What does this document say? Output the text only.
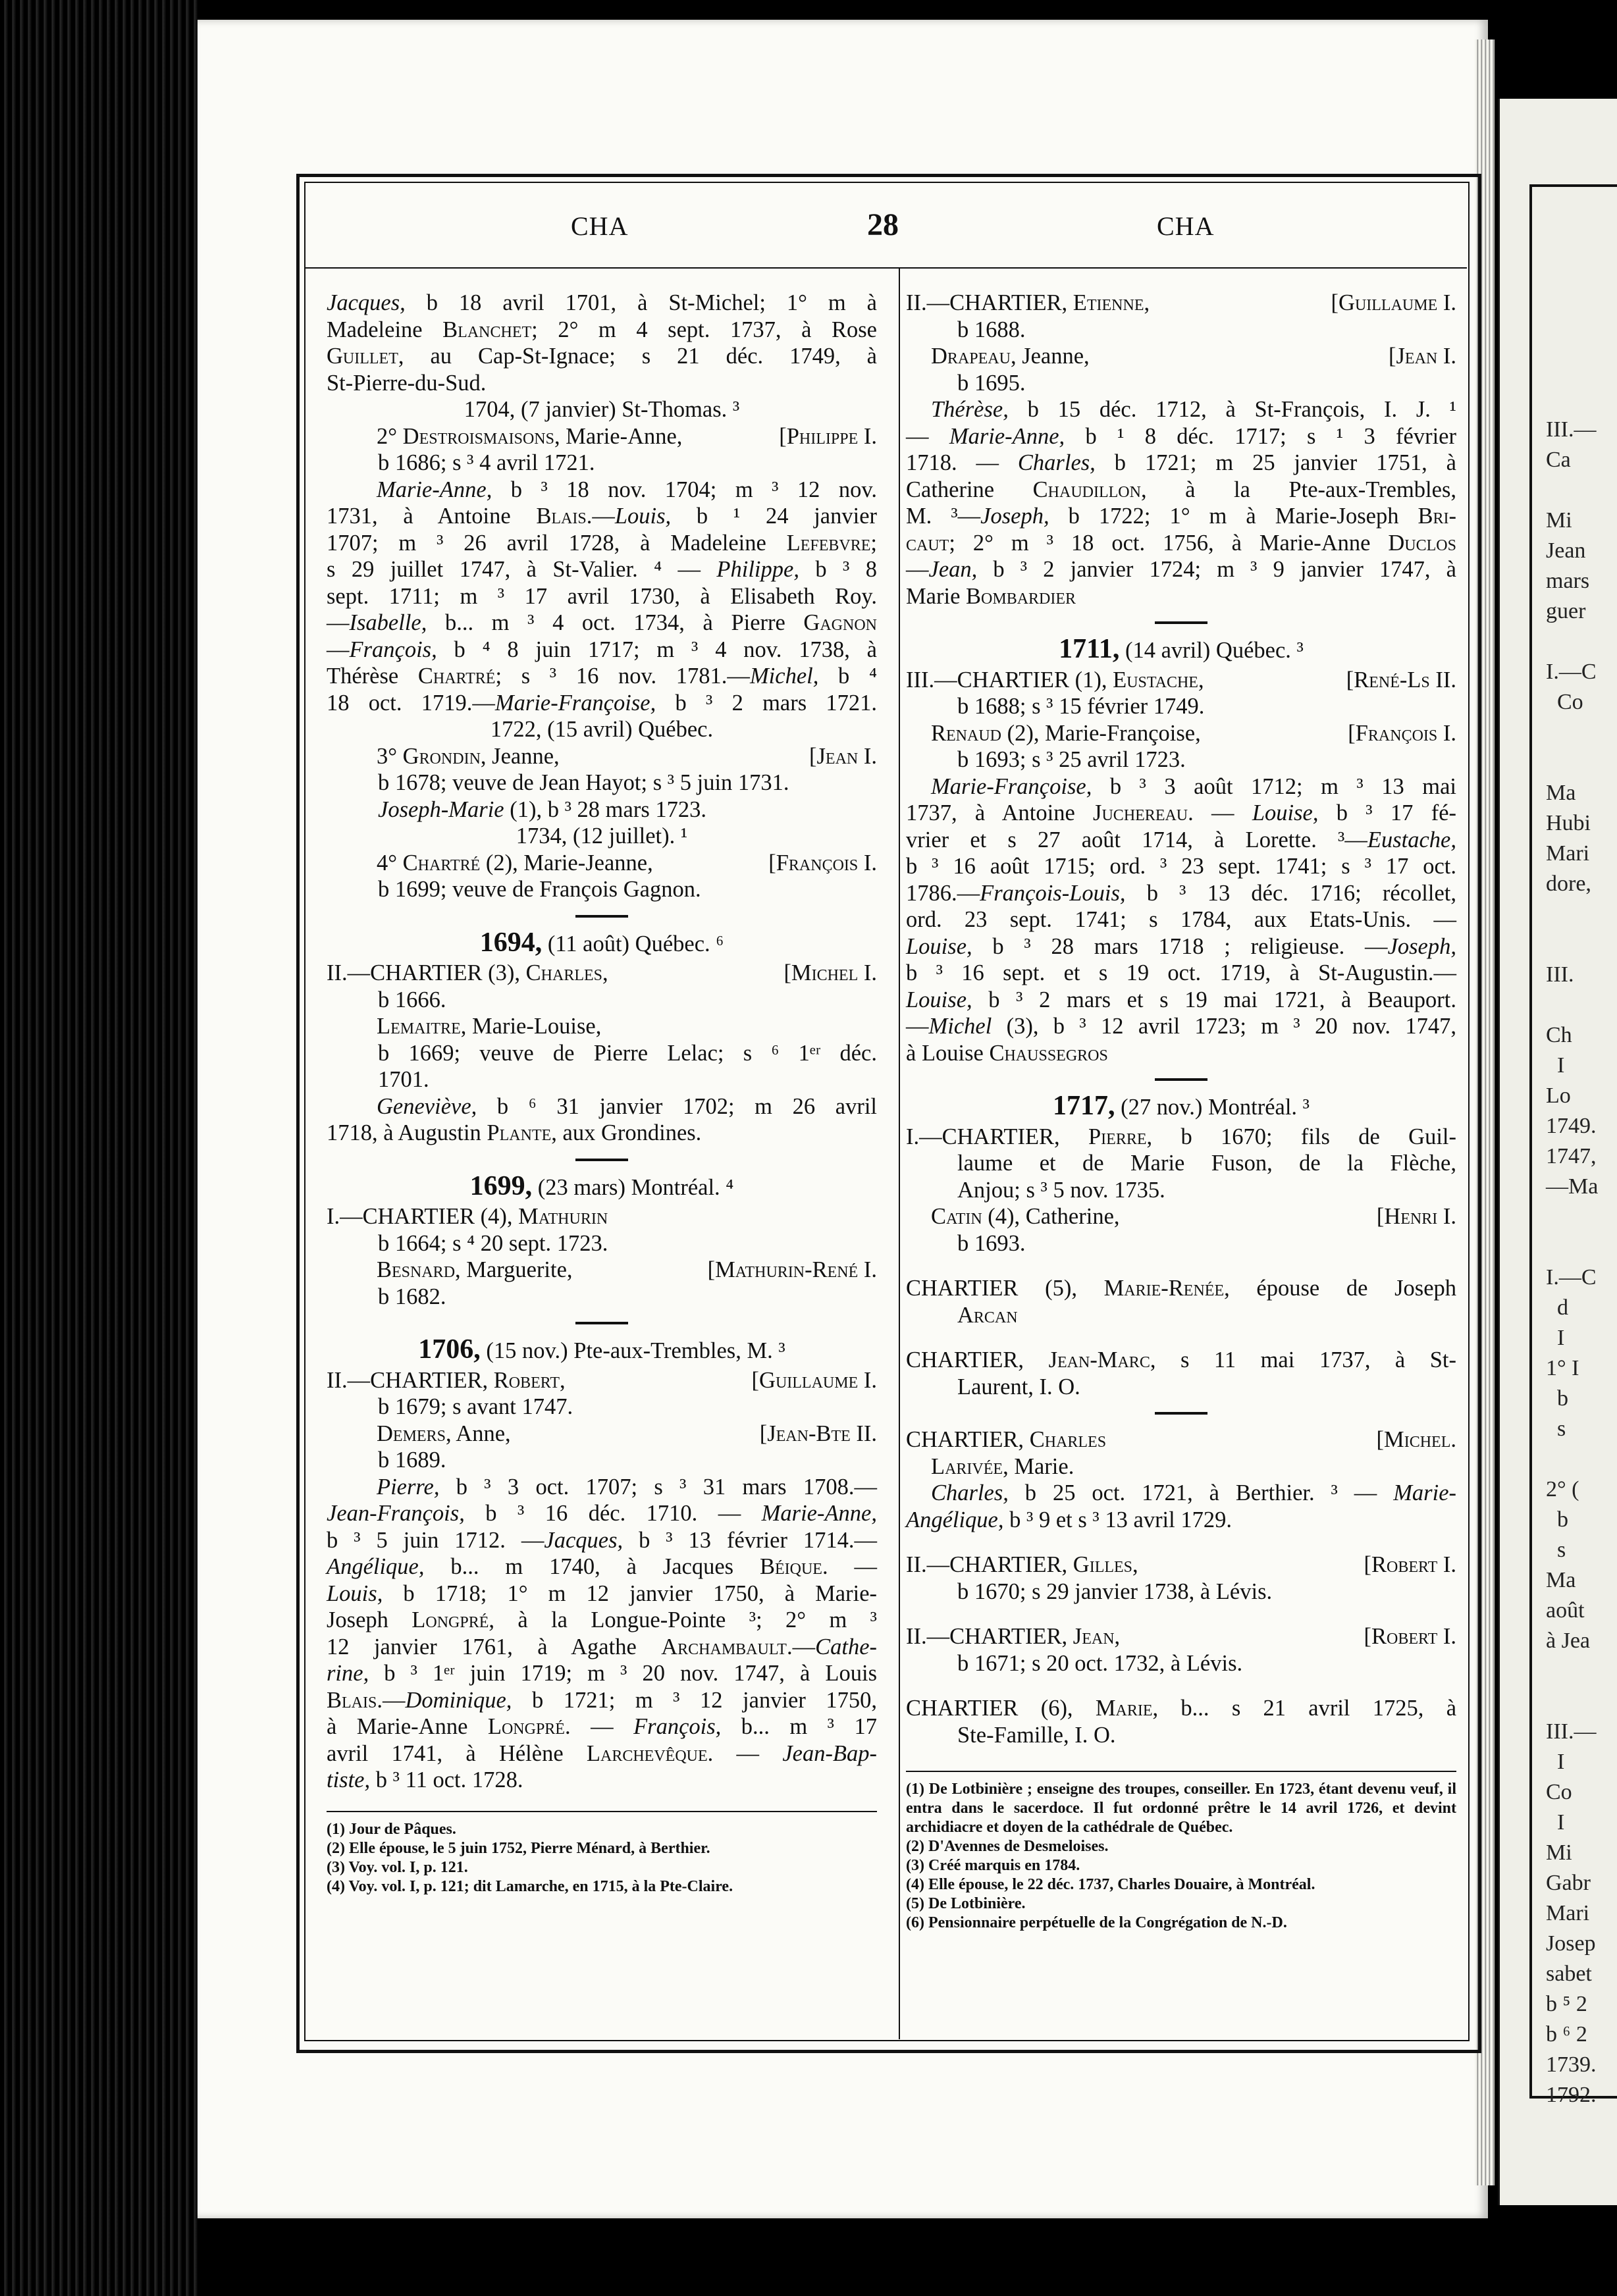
III.—
Ca

Mi
Jean
mars
guer

I.—C
Co

Ma
Hubi
Mari
dore,

III.

Ch
I
Lo
1749.
1747,
—Ma

I.—C
d
I
1° I
b
s

2° (
b
s
Ma
août
à Jea

III.—
I
Co
I
Mi
Gabr
Mari
Josep
sabet
b ⁵ 2
b ⁶ 2
1739.
1792.
CHA	28	CHA

Jacques, b 18 avril 1701, à St-Michel; 1° m à

Madeleine Blanchet; 2° m 4 sept. 1737, à Rose

Guillet, au Cap-St-Ignace; s 21 déc. 1749, à

St-Pierre-du-Sud.

1704, (7 janvier) St-Thomas. ³

2° Destroismaisons, Marie-Anne,	[Philippe I.

b 1686; s ³ 4 avril 1721.

Marie-Anne, b ³ 18 nov. 1704; m ³ 12 nov.

1731, à Antoine Blais.—Louis, b ¹ 24 janvier

1707; m ³ 26 avril 1728, à Madeleine Lefebvre;

s 29 juillet 1747, à St-Valier. ⁴ — Philippe, b ³ 8

sept. 1711; m ³ 17 avril 1730, à Elisabeth Roy.

—Isabelle, b... m ³ 4 oct. 1734, à Pierre Gagnon

—François, b ⁴ 8 juin 1717; m ³ 4 nov. 1738, à

Thérèse Chartré; s ³ 16 nov. 1781.—Michel, b ⁴

18 oct. 1719.—Marie-Françoise, b ³ 2 mars 1721.

1722, (15 avril) Québec.

3° Grondin, Jeanne,	[Jean I.

b 1678; veuve de Jean Hayot; s ³ 5 juin 1731.

Joseph-Marie (1), b ³ 28 mars 1723.

1734, (12 juillet). ¹

4° Chartré (2), Marie-Jeanne,	[François I.

b 1699; veuve de François Gagnon.

1694, (11 août) Québec. ⁶

II.—CHARTIER (3), Charles,	[Michel I.

b 1666.

Lemaitre, Marie-Louise,

b 1669; veuve de Pierre Lelac; s ⁶ 1ᵉʳ déc.

1701.

Geneviève, b ⁶ 31 janvier 1702; m 26 avril

1718, à Augustin Plante, aux Grondines.

1699, (23 mars) Montréal. ⁴

I.—CHARTIER (4), Mathurin

b 1664; s ⁴ 20 sept. 1723.

Besnard, Marguerite,	[Mathurin-René I.

b 1682.

1706, (15 nov.) Pte-aux-Trembles, M. ³

II.—CHARTIER, Robert,	[Guillaume I.

b 1679; s avant 1747.

Demers, Anne,	[Jean-Bte II.

b 1689.

Pierre, b ³ 3 oct. 1707; s ³ 31 mars 1708.—

Jean-François, b ³ 16 déc. 1710. — Marie-Anne,

b ³ 5 juin 1712. —Jacques, b ³ 13 février 1714.—

Angélique, b... m 1740, à Jacques Béique. —

Louis, b 1718; 1° m 12 janvier 1750, à Marie-

Joseph Longpré, à la Longue-Pointe ³; 2° m ³

12 janvier 1761, à Agathe Archambault.—Cathe-

rine, b ³ 1ᵉʳ juin 1719; m ³ 20 nov. 1747, à Louis

Blais.—Dominique, b 1721; m ³ 12 janvier 1750,

à Marie-Anne Longpré. — François, b... m ³ 17

avril 1741, à Hélène Larchevêque. — Jean-Bap-

tiste, b ³ 11 oct. 1728.

(1) Jour de Pâques.

(2) Elle épouse, le 5 juin 1752, Pierre Ménard, à Berthier.

(3) Voy. vol. I, p. 121.

(4) Voy. vol. I, p. 121; dit Lamarche, en 1715, à la Pte-Claire.

II.—CHARTIER, Etienne,	[Guillaume I.

b 1688.

Drapeau, Jeanne,	[Jean I.

b 1695.

Thérèse, b 15 déc. 1712, à St-François, I. J. ¹

— Marie-Anne, b ¹ 8 déc. 1717; s ¹ 3 février

1718. — Charles, b 1721; m 25 janvier 1751, à

Catherine Chaudillon, à la Pte-aux-Trembles,

M. ³—Joseph, b 1722; 1° m à Marie-Joseph Bri-

caut; 2° m ³ 18 oct. 1756, à Marie-Anne Duclos

—Jean, b ³ 2 janvier 1724; m ³ 9 janvier 1747, à

Marie Bombardier

1711, (14 avril) Québec. ³

III.—CHARTIER (1), Eustache,	[René-Ls II.

b 1688; s ³ 15 février 1749.

Renaud (2), Marie-Françoise,	[François I.

b 1693; s ³ 25 avril 1723.

Marie-Françoise, b ³ 3 août 1712; m ³ 13 mai

1737, à Antoine Juchereau. — Louise, b ³ 17 fé-

vrier et s 27 août 1714, à Lorette. ³—Eustache,

b ³ 16 août 1715; ord. ³ 23 sept. 1741; s ³ 17 oct.

1786.—François-Louis, b ³ 13 déc. 1716; récollet,

ord. 23 sept. 1741; s 1784, aux Etats-Unis. —

Louise, b ³ 28 mars 1718 ; religieuse. —Joseph,

b ³ 16 sept. et s 19 oct. 1719, à St-Augustin.—

Louise, b ³ 2 mars et s 19 mai 1721, à Beauport.

—Michel (3), b ³ 12 avril 1723; m ³ 20 nov. 1747,

à Louise Chaussegros

1717, (27 nov.) Montréal. ³

I.—CHARTIER, Pierre, b 1670; fils de Guil-

laume et de Marie Fuson, de la Flèche,

Anjou; s ³ 5 nov. 1735.

Catin (4), Catherine,	[Henri I.

b 1693.

CHARTIER (5), Marie-Renée, épouse de Joseph

Arcan

CHARTIER, Jean-Marc, s 11 mai 1737, à St-

Laurent, I. O.

CHARTIER, Charles	[Michel.

Larivée, Marie.

Charles, b 25 oct. 1721, à Berthier. ³ — Marie-

Angélique, b ³ 9 et s ³ 13 avril 1729.

II.—CHARTIER, Gilles,	[Robert I.

b 1670; s 29 janvier 1738, à Lévis.

II.—CHARTIER, Jean,	[Robert I.

b 1671; s 20 oct. 1732, à Lévis.

CHARTIER (6), Marie, b... s 21 avril 1725, à

Ste-Famille, I. O.

(1) De Lotbinière ; enseigne des troupes, conseiller. En 1723, étant devenu veuf, il entra dans le sacerdoce. Il fut ordonné prêtre le 14 avril 1726, et devint archidiacre et doyen de la cathédrale de Québec.

(2) D'Avennes de Desmeloises.

(3) Créé marquis en 1784.

(4) Elle épouse, le 22 déc. 1737, Charles Douaire, à Montréal.

(5) De Lotbinière.

(6) Pensionnaire perpétuelle de la Congrégation de N.-D.
